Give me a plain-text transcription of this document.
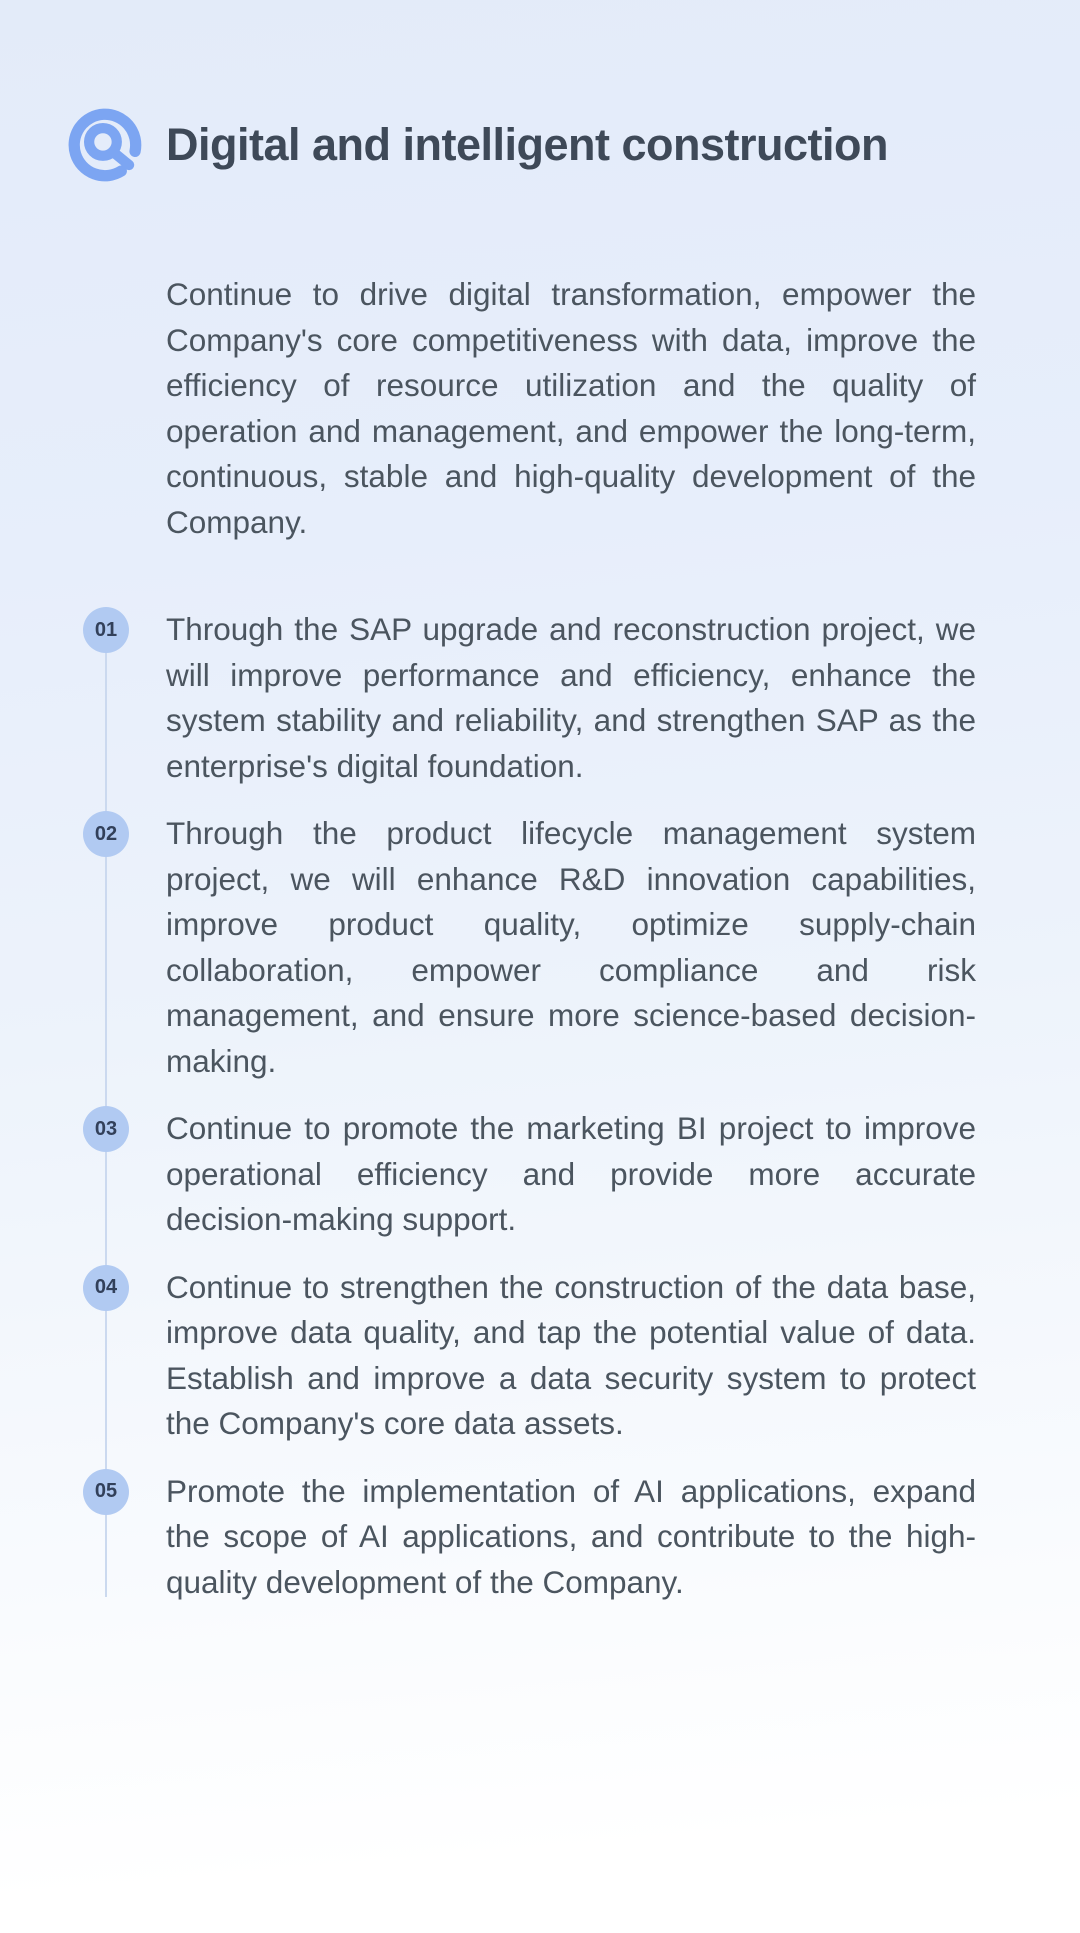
Digital and intelligent construction

Continue to drive digital transformation, empower the Company's core competitiveness with data, improve the efficiency of resource utilization and the quality of operation and management, and empower the long-term, continuous, stable and high-quality development of the Company.

01	Through the SAP upgrade and reconstruction project, we will improve performance and efficiency, enhance the system stability and reliability, and strengthen SAP as the enterprise's digital foundation.

02	Through the product lifecycle management system project, we will enhance R&D innovation capabilities, improve product quality, optimize supply-chain collaboration, empower compliance and risk management, and ensure more science-based decision-making.

03	Continue to promote the marketing BI project to improve operational efficiency and provide more accurate decision-making support.

04	Continue to strengthen the construction of the data base, improve data quality, and tap the potential value of data. Establish and improve a data security system to protect the Company's core data assets.

05	Promote the implementation of AI applications, expand the scope of AI applications, and contribute to the high-quality development of the Company.
